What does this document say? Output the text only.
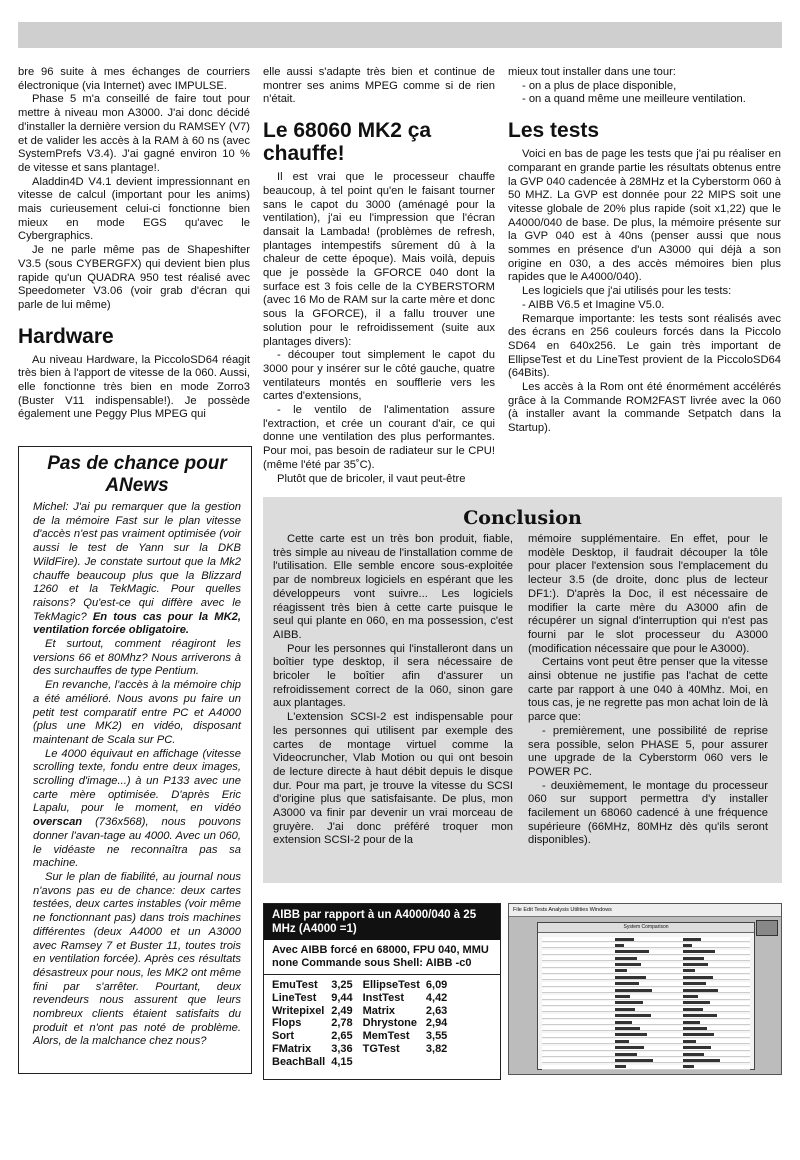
bre 96 suite à mes échanges de courriers électronique (via Internet) avec IMPULSE.

Phase 5 m'a conseillé de faire tout pour mettre à niveau mon A3000. J'ai donc décidé d'installer la dernière version du RAMSEY (V7) et de valider les accès à la RAM à 60 ns (avec SystemPrefs V3.4). J'ai gagné environ 10 % de vitesse et sans plantage!.

Aladdin4D V4.1 devient impressionnant en vitesse de calcul (important pour les anims) mais curieusement celui-ci fonctionne bien mieux en mode EGS qu'avec le Cybergraphics.

Je ne parle même pas de Shapeshifter V3.5 (sous CYBERGFX) qui devient bien plus rapide qu'un QUADRA 950 test réalisé avec Speedometer V3.06 (voir grab d'écran qui parle de lui même)

Hardware

Au niveau Hardware, la PiccoloSD64 réagit très bien à l'apport de vitesse de la 060. Aussi, elle fonctionne très bien en mode Zorro3 (Buster V11 indispensable!). Je possède également une Peggy Plus MPEG qui

elle aussi s'adapte très bien et continue de montrer ses anims MPEG comme si de rien n'était.

Le 68060 MK2 ça chauffe!

Il est vrai que le processeur chauffe beaucoup, à tel point qu'en le faisant tourner sans le capot du 3000 (aménagé pour la ventilation), j'ai eu l'impression que l'écran dansait la Lambada! (problèmes de refresh, plantages intempestifs sûrement dû à la chaleur de cette époque). Mais voilà, depuis que je possède la GFORCE 040 dont la surface est 3 fois celle de la CYBERSTORM (avec 16 Mo de RAM sur la carte mère et donc sous la GFORCE), il a fallu trouver une solution pour le refroidissement (suite aux plantages divers):

- découper tout simplement le capot du 3000 pour y insérer sur le côté gauche, quatre ventilateurs montés en soufflerie vers les cartes d'extensions,

- le ventilo de l'alimentation assure l'extraction, et crée un courant d'air, ce qui donne une ventilation des plus performantes. Pour moi, pas besoin de radiateur sur le CPU! (même l'été par 35˚C).

Plutôt que de bricoler, il vaut peut-être

mieux tout installer dans une tour:

- on a plus de place disponible,

- on a quand même une meilleure ventilation.

Les tests

Voici en bas de page les tests que j'ai pu réaliser en comparant en grande partie les résultats obtenus entre la GVP 040 cadencée à 28MHz et la Cyberstorm 060 à 50 MHZ. La GVP est donnée pour 22 MIPS soit une vitesse globale de 20% plus rapide (soit x1,22) que le A4000/040 de base. De plus, la mémoire présente sur la GVP 040 est à 40ns (penser aussi que nous sommes en présence d'un A3000 qui déjà a son origine en 030, a des accès mémoires bien plus rapides que le A4000/040).

Les logiciels que j'ai utilisés pour les tests:

- AIBB V6.5 et Imagine V5.0.

Remarque importante: les tests sont réalisés avec des écrans en 256 couleurs forcés dans la Piccolo SD64 en 640x256. Le gain très important de EllipseTest et du LineTest provient de la PiccoloSD64 (64Bits).

Les accès à la Rom ont été énormément accélérés grâce à la Commande ROM2FAST livrée avec la 060 (à installer avant la commande Setpatch dans la Startup).

Pas de chance pour ANews

Michel: J'ai pu remarquer que la gestion de la mémoire Fast sur le plan vitesse d'accès n'est pas vraiment optimisée (voir aussi le test de Yann sur la DKB WildFire). Je constate surtout que la Mk2 chauffe beaucoup plus que la Blizzard 1260 et la TekMagic. Pour quelles raisons? Qu'est-ce qui diffère avec le TekMagic? En tous cas pour la MK2, ventilation forcée obligatoire.

Et surtout, comment réagiront les versions 66 et 80Mhz? Nous arriverons à des surchauffes de type Pentium.

En revanche, l'accès à la mémoire chip a été amélioré. Nous avons pu faire un petit test comparatif entre PC et A4000 (plus une MK2) en vidéo, disposant maintenant de Scala sur PC.

Le 4000 équivaut en affichage (vitesse scrolling texte, fondu entre deux images, scrolling d'image...) à un P133 avec une carte mère optimisée. D'après Eric Lapalu, pour le moment, en vidéo overscan (736x568), nous pouvons donner l'avan-tage au 4000. Avec un 060, le vidéaste ne reconnaîtra pas sa machine.

Sur le plan de fiabilité, au journal nous n'avons pas eu de chance: deux cartes testées, deux cartes instables (voir même ne fonctionnant pas) dans trois machines différentes (deux A4000 et un A3000 avec Ramsey 7 et Buster 11, toutes trois en ventilation forcée). Après ces résultats désastreux pour nous, les MK2 ont même fini par s'arrêter. Pourtant, deux revendeurs nous assurent que leurs nombreux clients étaient satisfaits du produit et n'ont pas noté de problème. Alors, de la malchance chez nous?

Conclusion

Cette carte est un très bon produit, fiable, très simple au niveau de l'installation comme de l'utilisation. Elle semble encore sous-exploitée par de nombreux logiciels en espérant que les développeurs vont suivre... Les logiciels réagissent très bien à cette carte puisque le seul qui plante en 060, en ma possession, c'est AIBB.

Pour les personnes qui l'installeront dans un boîtier type desktop, il sera nécessaire de bricoler le boîtier afin d'assurer un refroidissement correct de la 060, sinon gare aux plantages.

L'extension SCSI-2 est indispensable pour les personnes qui utilisent par exemple des cartes de montage virtuel comme la Videocruncher, Vlab Motion ou qui ont besoin de lecture directe à haut débit depuis le disque dur. Pour ma part, je trouve la vitesse du SCSI d'origine plus que satisfaisante. De plus, mon A3000 va finir par devenir un vrai morceau de gruyère. J'ai donc préféré troquer mon extension SCSI-2 pour de la

mémoire supplémentaire. En effet, pour le modèle Desktop, il faudrait découper la tôle pour placer l'extension sous l'emplacement du lecteur 3.5 (de droite, donc plus de lecteur DF1:). D'après la Doc, il est nécessaire de modifier la carte mère du A3000 afin de récupérer un signal d'interruption qui n'est pas fourni par le slot processeur du A3000 (modification nécessaire que pour le A3000).

Certains vont peut être penser que la vitesse ainsi obtenue ne justifie pas l'achat de cette carte par rapport à une 040 à 40Mhz. Moi, en tous cas, je ne regrette pas mon achat loin de là parce que:

- premièrement, une possibilité de reprise sera possible, selon PHASE 5, pour assurer une upgrade de la Cyberstorm 060 vers le POWER PC.

- deuxièmement, le montage du processeur 060 sur support permettra d'y installer facilement un 68060 cadencé à une fréquence supérieure (66MHz, 80MHz dès qu'ils seront disponibles).

AIBB par rapport à un A4000/040 à 25 MHz (A4000 =1)
Avec AIBB forcé en 68000, FPU 040, MMU none Commande sous Shell: AIBB -c0
EmuTest	3,25	EllipseTest	6,09
LineTest	9,44	InstTest	4,42
Writepixel	2,49	Matrix	2,63
Flops	2,78	Dhrystone	2,94
Sort	2,65	MemTest	3,55
FMatrix	3,36	TGTest	3,82
BeachBall	4,15		
File Edit Tests Analysis Utilities Windows
System Comparison
